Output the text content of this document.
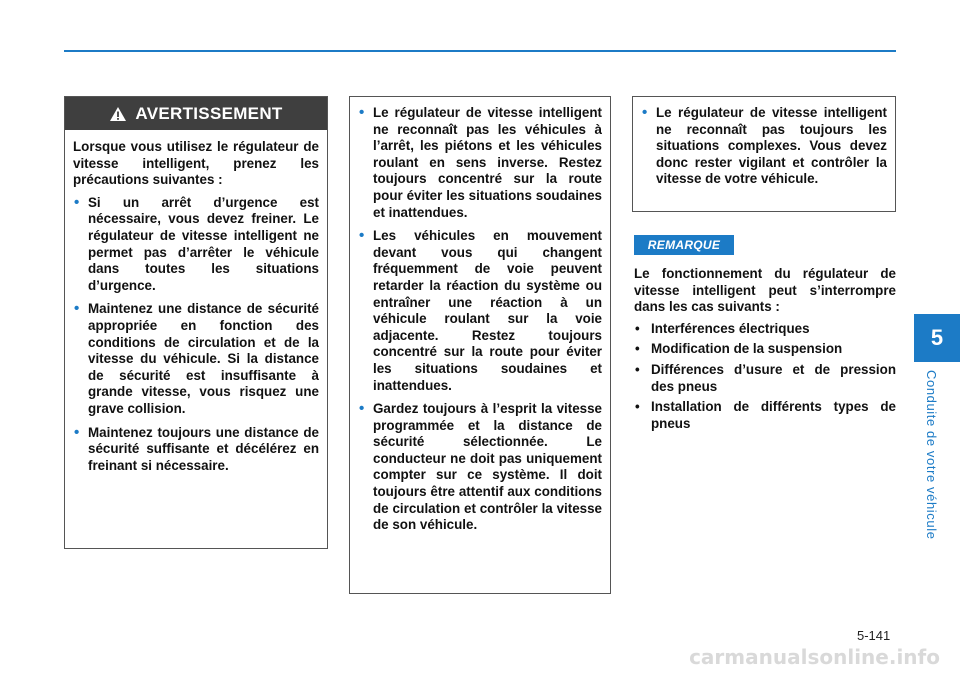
AVERTISSEMENT

Lorsque vous utilisez le régulateur de vitesse intelligent, prenez les précautions suivantes :

• Si un arrêt d’urgence est nécessaire, vous devez freiner. Le régulateur de vitesse intelligent ne permet pas d’arrêter le véhicule dans toutes les situations d’urgence.
• Maintenez une distance de sécurité appropriée en fonction des conditions de circulation et de la vitesse du véhicule. Si la distance de sécurité est insuffisante à grande vitesse, vous risquez une grave collision.
• Maintenez toujours une distance de sécurité suffisante et décélérez en freinant si nécessaire.
• Le régulateur de vitesse intelligent ne reconnaît pas les véhicules à l’arrêt, les piétons et les véhicules roulant en sens inverse. Restez toujours concentré sur la route pour éviter les situations soudaines et inattendues.
• Les véhicules en mouvement devant vous qui changent fréquemment de voie peuvent retarder la réaction du système ou entraîner une réaction à un véhicule roulant sur la voie adjacente. Restez toujours concentré sur la route pour éviter les situations soudaines et inattendues.
• Gardez toujours à l’esprit la vitesse programmée et la distance de sécurité sélectionnée. Le conducteur ne doit pas uniquement compter sur ce système. Il doit toujours être attentif aux conditions de circulation et contrôler la vitesse de son véhicule.
• Le régulateur de vitesse intelligent ne reconnaît pas toujours les situations complexes. Vous devez donc rester vigilant et contrôler la vitesse de votre véhicule.
REMARQUE

Le fonctionnement du régulateur de vitesse intelligent peut s’interrompre dans les cas suivants :

• Interférences électriques
• Modification de la suspension
• Différences d’usure et de pression des pneus
• Installation de différents types de pneus
5
Conduite de votre véhicule
5-141
carmanualsonline.info
